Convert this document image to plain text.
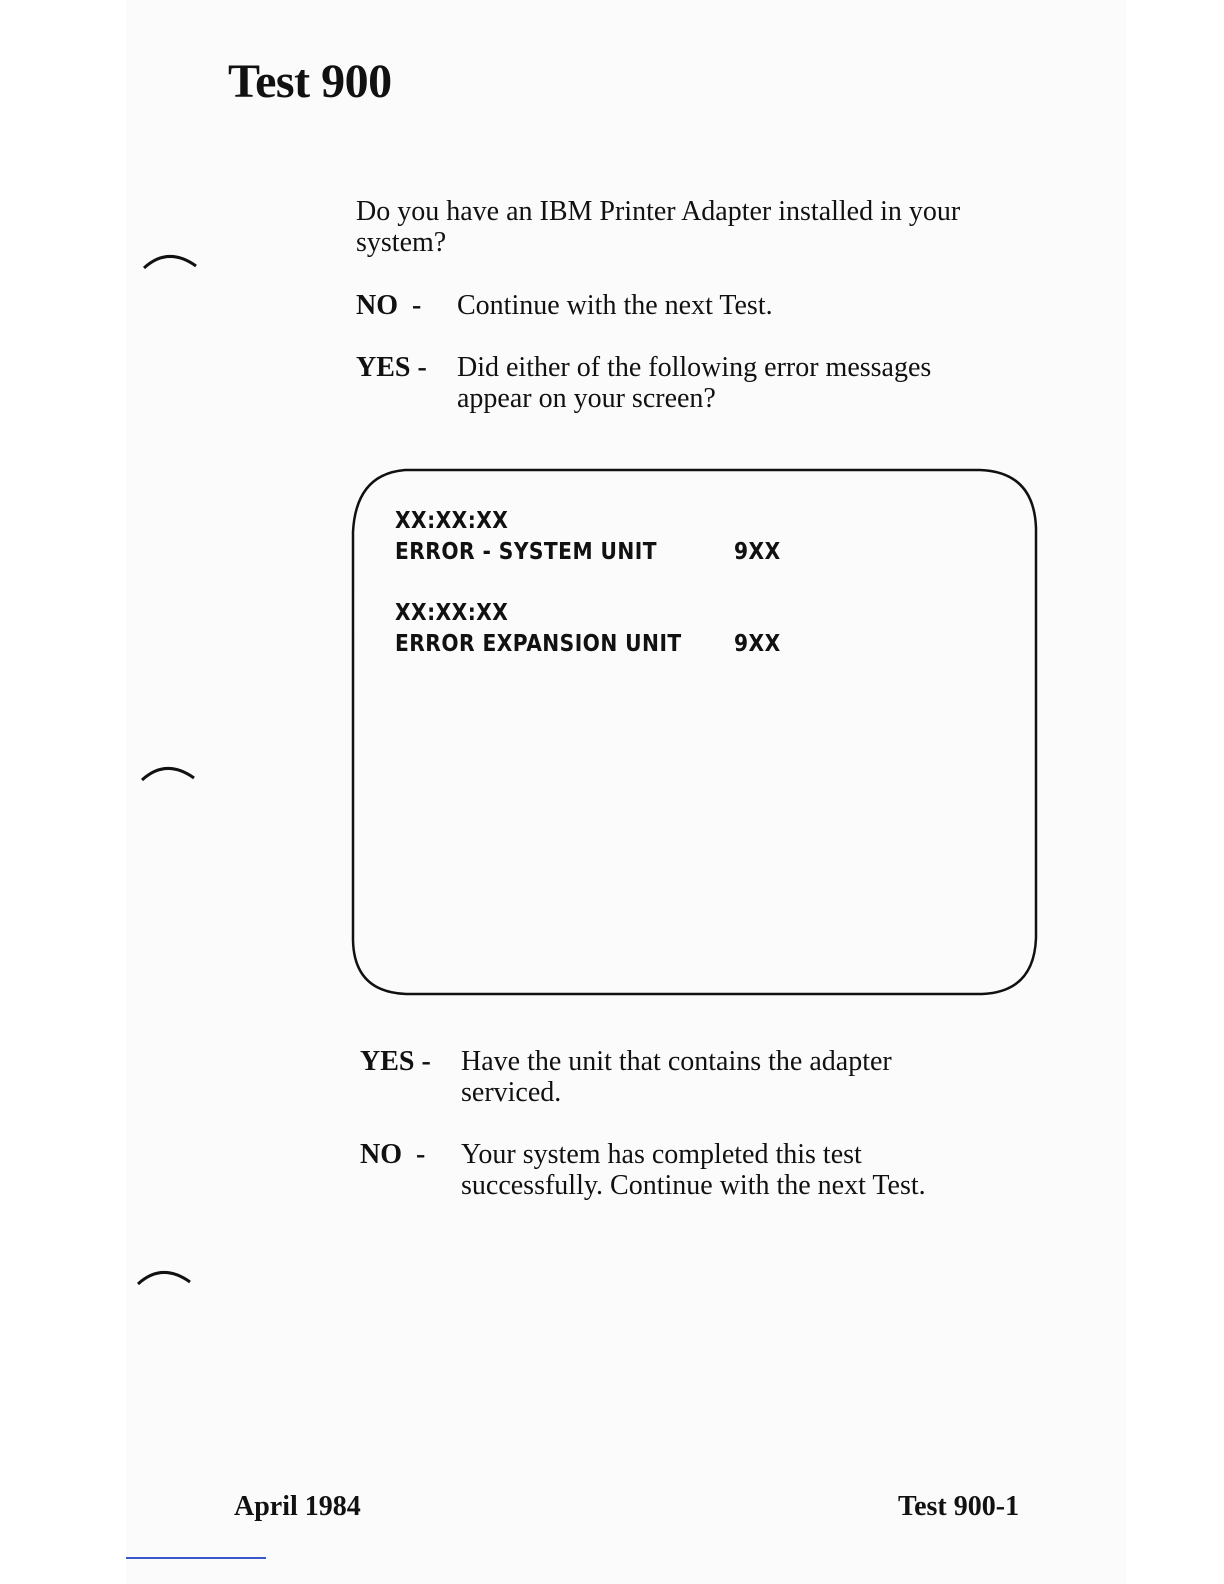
Test 900

Do you have an IBM Printer Adapter installed in your system?

NO  - Continue with the next Test.
YES - Did either of the following error messages appear on your screen?
XX:XX:XX
ERROR - SYSTEM UNIT	9XX
XX:XX:XX
ERROR EXPANSION UNIT 9XX
YES - Have the unit that contains the adapter serviced.
NO  - Your system has completed this test successfully. Continue with the next Test.
April 1984	Test 900-1
